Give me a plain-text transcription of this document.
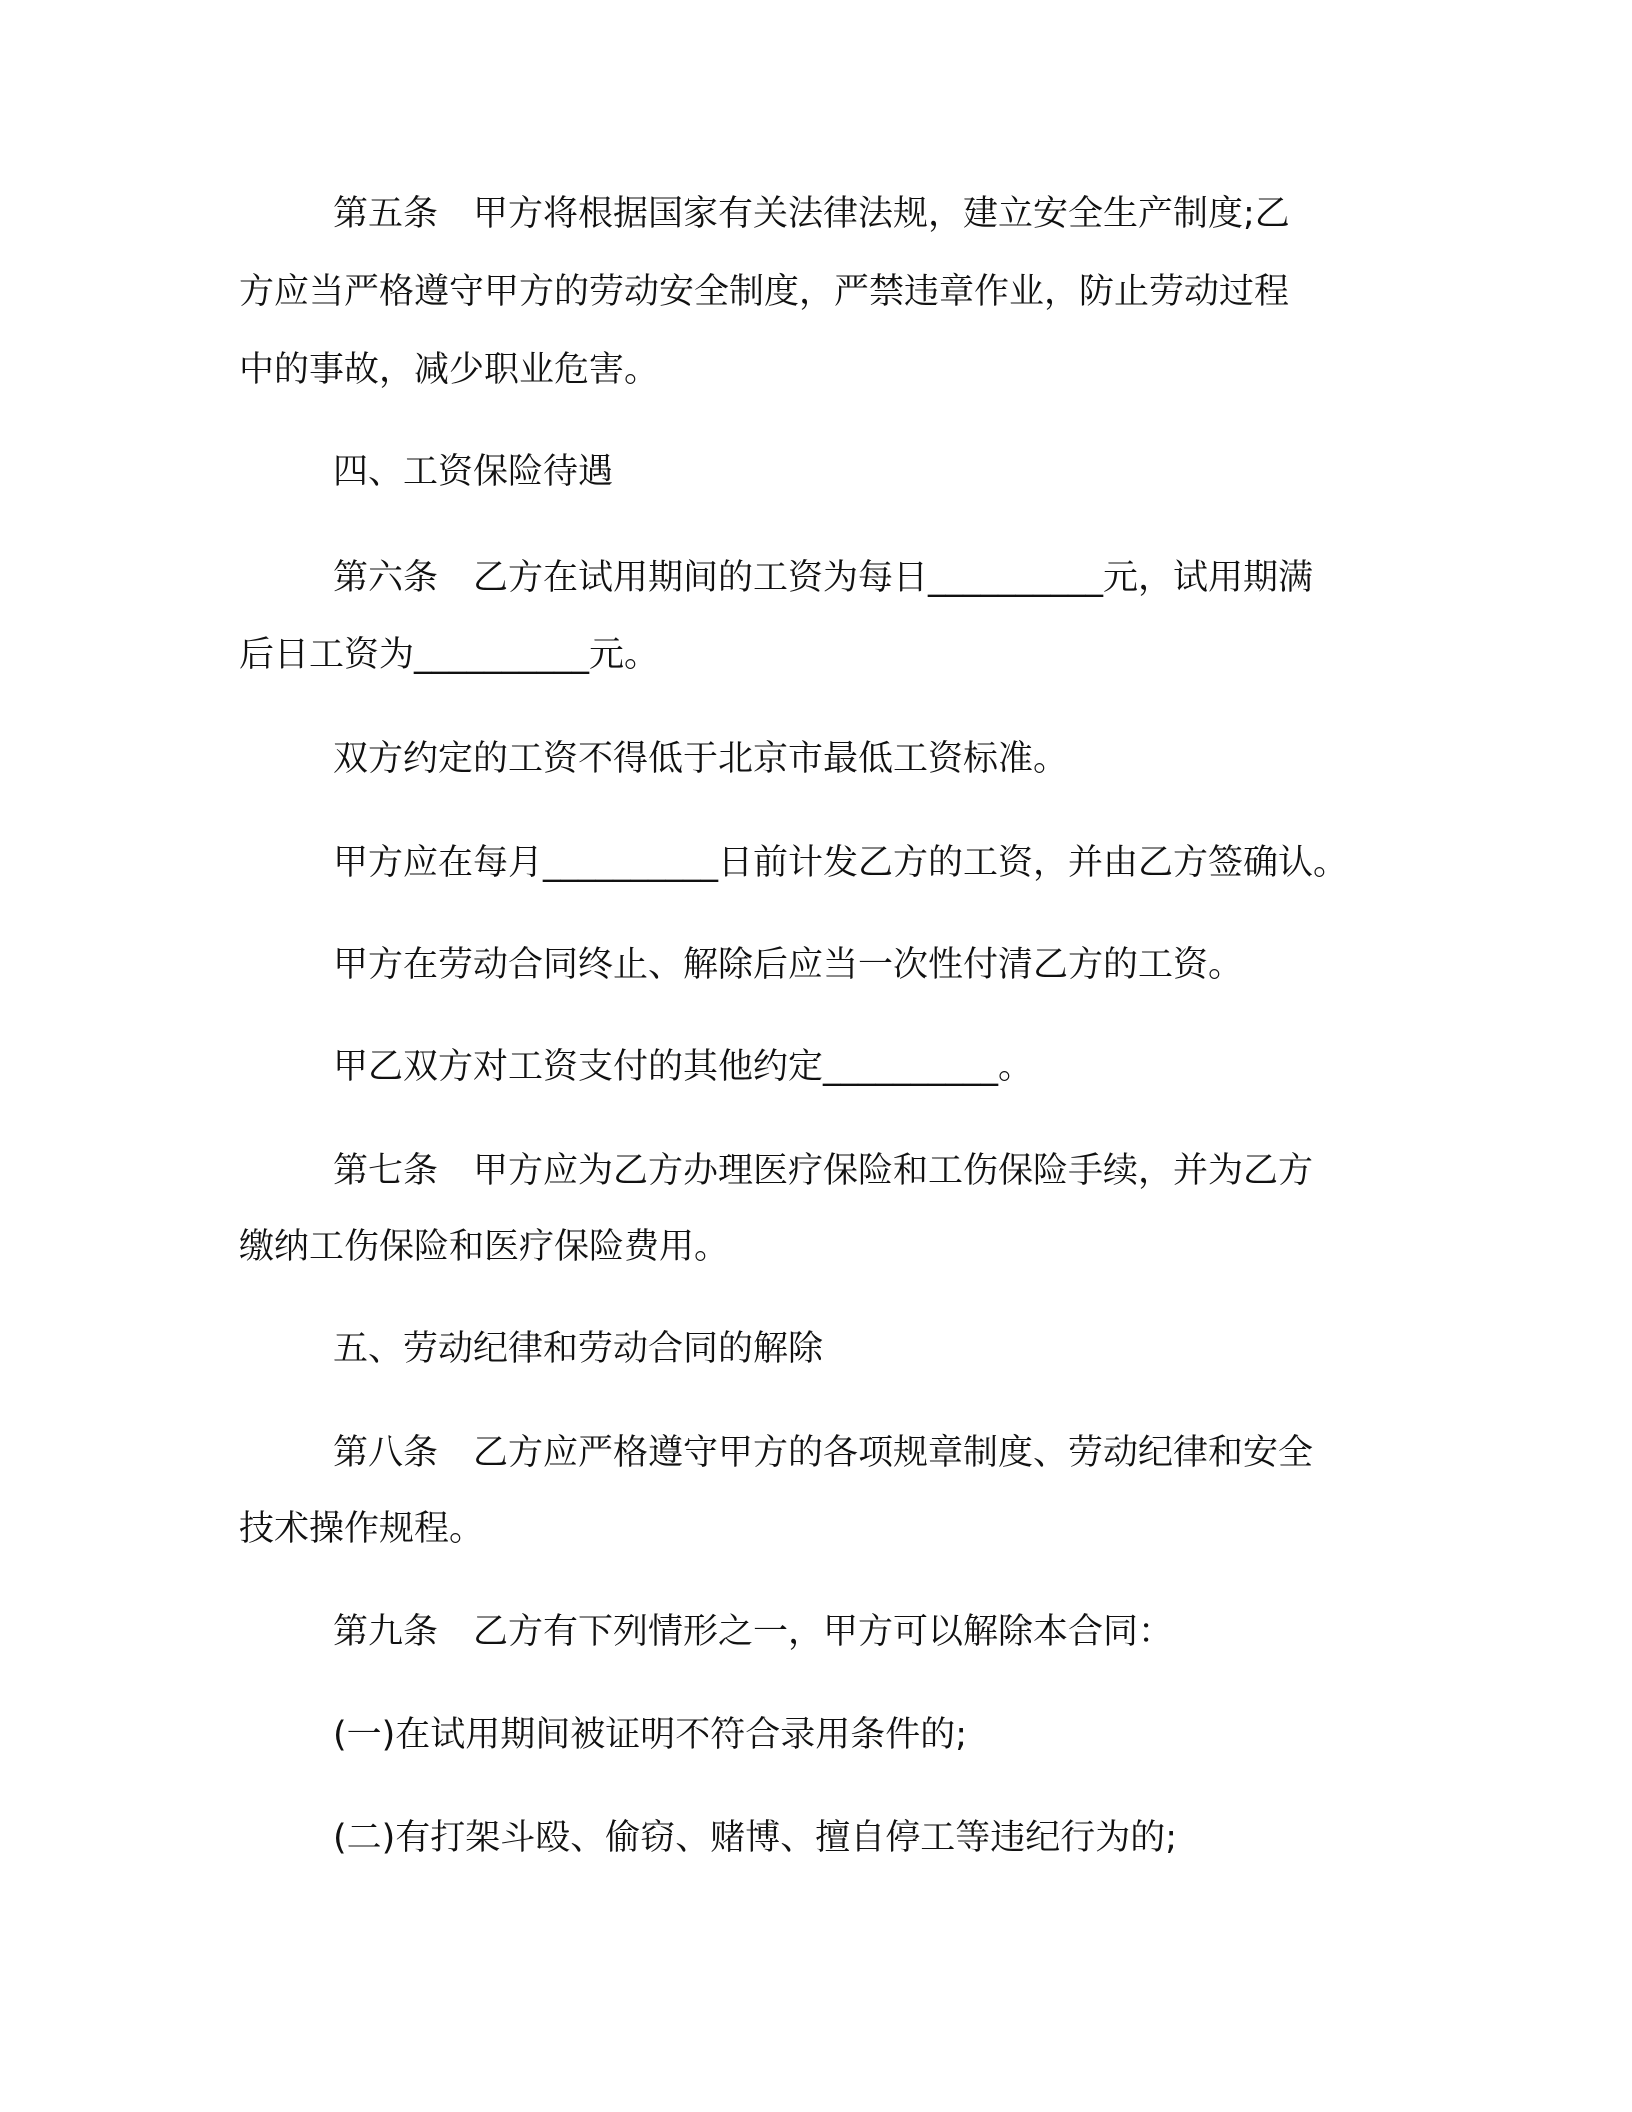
第五条　甲方将根据国家有关法律法规，建立安全生产制度;乙

方应当严格遵守甲方的劳动安全制度，严禁违章作业，防止劳动过程

中的事故，减少职业危害。

四、工资保险待遇

第六条　乙方在试用期间的工资为每日__________元，试用期满

后日工资为__________元。

双方约定的工资不得低于北京市最低工资标准。

甲方应在每月__________日前计发乙方的工资，并由乙方签确认。

甲方在劳动合同终止、解除后应当一次性付清乙方的工资。

甲乙双方对工资支付的其他约定__________。

第七条　甲方应为乙方办理医疗保险和工伤保险手续，并为乙方

缴纳工伤保险和医疗保险费用。

五、劳动纪律和劳动合同的解除

第八条　乙方应严格遵守甲方的各项规章制度、劳动纪律和安全

技术操作规程。

第九条　乙方有下列情形之一，甲方可以解除本合同：

(一)在试用期间被证明不符合录用条件的;

(二)有打架斗殴、偷窃、赌博、擅自停工等违纪行为的;
